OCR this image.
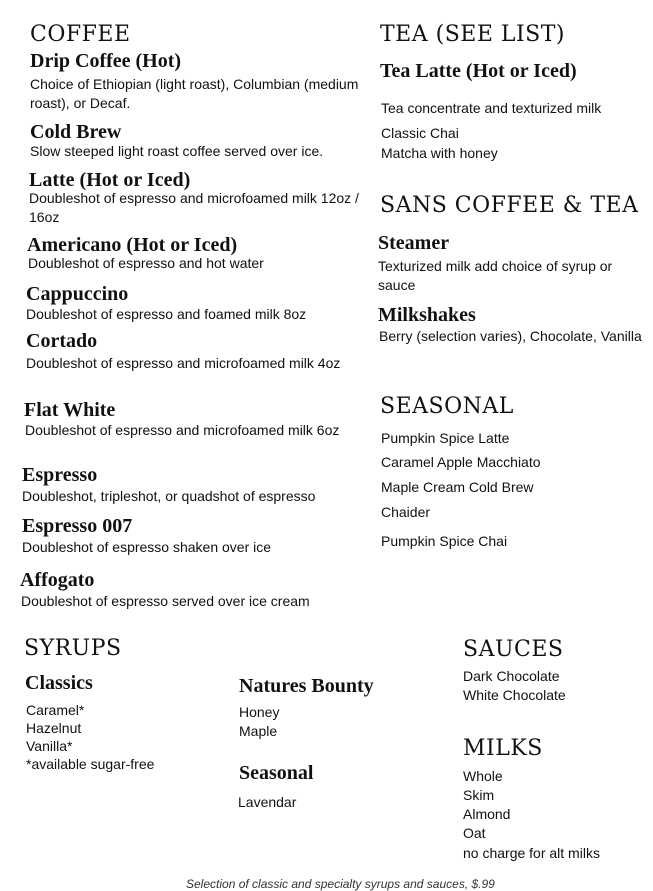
COFFEE
Drip Coffee (Hot)
Choice of Ethiopian (light roast), Columbian (medium roast), or Decaf.
Cold Brew
Slow steeped light roast coffee served over ice.
Latte (Hot or Iced)
Doubleshot of espresso and microfoamed milk 12oz / 16oz
Americano (Hot or Iced)
Doubleshot of espresso and hot water
Cappuccino
Doubleshot of espresso and foamed milk 8oz
Cortado
Doubleshot of espresso and microfoamed milk 4oz
Flat White
Doubleshot of espresso and microfoamed milk 6oz
Espresso
Doubleshot, tripleshot, or quadshot of espresso
Espresso 007
Doubleshot of espresso shaken over ice
Affogato
Doubleshot of espresso served over ice cream
TEA (SEE LIST)
Tea Latte (Hot or Iced)
Tea concentrate and texturized milk
Classic Chai
Matcha with honey
SANS COFFEE & TEA
Steamer
Texturized milk add choice of syrup or sauce
Milkshakes
Berry (selection varies), Chocolate, Vanilla
SEASONAL
Pumpkin Spice Latte
Caramel Apple Macchiato
Maple Cream Cold Brew
Chaider
Pumpkin Spice Chai
SYRUPS
Classics
Caramel*
Hazelnut
Vanilla*
*available sugar-free
Natures Bounty
Honey
Maple
Seasonal
Lavendar
SAUCES
Dark Chocolate
White Chocolate
MILKS
Whole
Skim
Almond
Oat
no charge for alt milks
Selection of classic and specialty syrups and sauces, $.99
